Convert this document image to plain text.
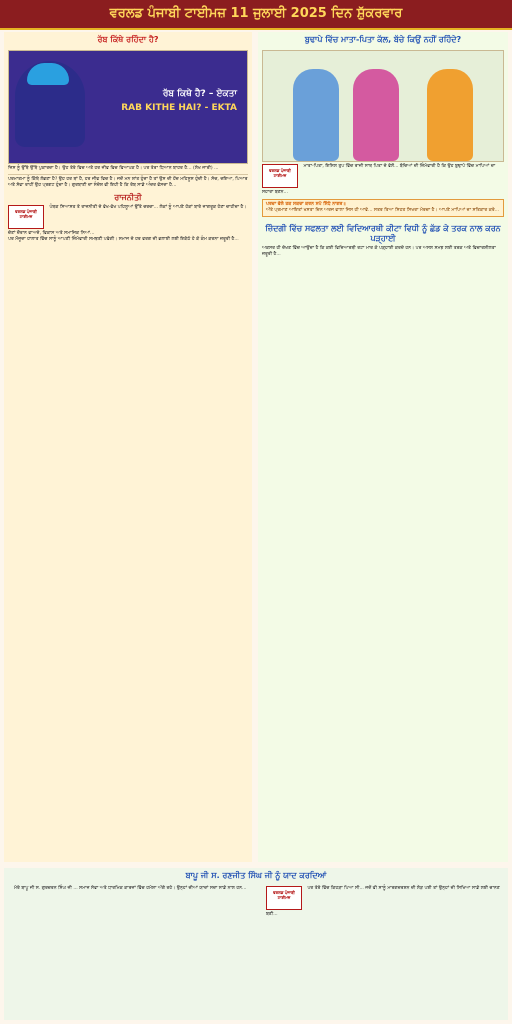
ਵਰਲਡ ਪੰਜਾਬੀ ਟਾਈਮਜ਼ 11 ਜੁਲਾਈ 2025 ਦਿਨ ਸ਼ੁੱਕਰਵਾਰ
ਰੱਬ ਕਿੱਥੇ ਰਹਿੰਦਾ ਹੈ?
ਰੱਬ ਕਿਥੇ ਹੈ? – ਏਕਤਾ
RAB KITHE HAI? - EKTA
ਜਿਸ ਨੂੰ ਉੱਥੇ ਉੱਥੇ ਪੁਕਾਰਦਾ ਹੈ। ਉਹ ਤੇਰੇ ਵਿਚ ਅਤੇ ਹਰ ਜੀਵ ਵਿਚ ਵਿਆਪਕ ਹੈ। ਪਰ ਤੇਰਾ ਧਿਆਨ ਬਾਹਰ ਹੈ... (ਲੇਖ ਜਾਰੀ) ...
ਪਰਮਾਤਮਾ ਨੂੰ ਕਿੱਥੇ ਲੱਭਣਾ ਹੈ? ਉਹ ਹਰ ਥਾਂ ਹੈ, ਹਰ ਜੀਵ ਵਿਚ ਹੈ। ਜਦੋਂ ਮਨ ਸ਼ਾਂਤ ਹੁੰਦਾ ਹੈ ਤਾਂ ਉਸ ਦੀ ਹੋਂਦ ਮਹਿਸੂਸ ਹੁੰਦੀ ਹੈ। ਸੱਚ, ਦਇਆ, ਪਿਆਰ ਅਤੇ ਸੇਵਾ ਰਾਹੀਂ ਉਹ ਪ੍ਰਗਟ ਹੁੰਦਾ ਹੈ। ਗੁਰਬਾਣੀ ਦਾ ਸੰਦੇਸ਼ ਵੀ ਇਹੀ ਹੈ ਕਿ ਰੱਬ ਸਾਡੇ ਅੰਦਰ ਵੱਸਦਾ ਹੈ...
ਰਾਜਨੀਤੀ
ਵਰਲਡ ਪੰਜਾਬੀ ਟਾਈਮਜ਼
ਪੰਥਕ ਸਿਆਸਤ ਤੇ ਰਾਜਨੀਤੀ ਦੇ ਵੱਖ-ਵੱਖ ਪਹਿਲੂਆਂ ਉੱਤੇ ਚਰਚਾ... ਲੋਕਾਂ ਨੂੰ ਆਪਣੇ ਹੱਕਾਂ ਬਾਰੇ ਜਾਗਰੂਕ ਹੋਣਾ ਚਾਹੀਦਾ ਹੈ। ਚੋਣਾਂ ਦੌਰਾਨ ਵਾਅਦੇ, ਵਿਕਾਸ ਅਤੇ ਸਮਾਜਿਕ ਨਿਆਂ...
ਪਰ ਮੌਜੂਦਾ ਹਾਲਾਤ ਵਿੱਚ ਸਾਨੂੰ ਆਪਣੀ ਜ਼ਿੰਮੇਵਾਰੀ ਸਮਝਣੀ ਪਵੇਗੀ। ਸਮਾਜ ਦੇ ਹਰ ਵਰਗ ਦੀ ਭਲਾਈ ਲਈ ਇਕੱਠੇ ਹੋ ਕੇ ਕੰਮ ਕਰਨਾ ਜ਼ਰੂਰੀ ਹੈ...
ਬੁਢਾਪੇ ਵਿੱਚ ਮਾਤਾ-ਪਿਤਾ ਕੱਲ, ਬੱਚੇ ਕਿਉਂ ਨਹੀਂ ਰਹਿੰਦੇ?
ਵਰਲਡ ਪੰਜਾਬੀ ਟਾਈਮਜ਼
ਮਾਤਾ-ਪਿਤਾ, ਇਸਿਲ ਤੁਪ ਵਿੱਚ ਰਾਜ਼ੀ ਸਾਥ ਪਿਤਾ ਦੇ ਵੱਲੋਂ... ਬੱਚਿਆਂ ਦੀ ਜ਼ਿੰਮੇਵਾਰੀ ਹੈ ਕਿ ਉਹ ਬੁਢਾਪੇ ਵਿੱਚ ਮਾਪਿਆਂ ਦਾ ਸਹਾਰਾ ਬਣਨ...
ਪਰਦਾ ਵੱਲੋ ਤਕ ਸਕਦਾ ਕਰਨ ਸਪੇ ਸਿੱਧੇ ਨਾਗਰ॥
ਅੱਤੇ ਪ੍ਰਮਾਣ ਆਇਤਾਂ ਖਸਤਾ ਦਿਨ ਅਰਜ ਵਾਲਾ ਜਿਸ ਹੀ ਆਵੇ... ਸਤਰ ਤਿਆ ਸਿਹਤ ਸਿਖਰਾ ਮੋਰਚਾ ਹੈ। ਆਪਣੇ ਮਾਪਿਆਂ ਦਾ ਸਤਿਕਾਰ ਕਰੋ...
ਜ਼ਿੰਦਗੀ ਵਿੱਚ ਸਫਲਤਾ ਲਈ ਵਿਦਿਆਰਥੀ ਕੀਟਾ ਵਿਧੀ ਨੂੰ ਛੱਡ ਕੇ ਤਰਕ ਨਾਲ ਕਰਨ ਪੜ੍ਹਾਈ
ਅਕਸਰ ਹੀ ਦੇਖਣ ਵਿੱਚ ਆਉਂਦਾ ਹੈ ਕਿ ਕਈ ਵਿਦਿਆਰਥੀ ਰਟਾ ਮਾਰ ਕੇ ਪੜ੍ਹਾਈ ਕਰਦੇ ਹਨ। ਪਰ ਅਸਲ ਸਮਝ ਲਈ ਤਰਕ ਅਤੇ ਵਿਚਾਰਸ਼ੀਲਤਾ ਜ਼ਰੂਰੀ ਹੈ...
ਬਾਪੂ ਜੀ ਸ. ਰਣਜੀਤ ਸਿੰਘ ਜੀ ਨੂੰ ਯਾਦ ਕਰਦਿਆਂ
ਮੇਰੇ ਬਾਪੂ ਜੀ ਸ. ਗੁਰਚਰਨ ਸਿੰਘ ਜੀ ... ਸਮਾਜ ਸੇਵਾ ਅਤੇ ਧਾਰਮਿਕ ਕਾਰਜਾਂ ਵਿੱਚ ਹਮੇਸ਼ਾ ਅੱਗੇ ਰਹੇ। ਉਨ੍ਹਾਂ ਦੀਆਂ ਯਾਦਾਂ ਸਦਾ ਸਾਡੇ ਨਾਲ ਹਨ...
ਵਰਲਡ ਪੰਜਾਬੀ ਟਾਈਮਜ਼
ਪਰ ਤੇਰੇ ਵਿੱਚ ਕਿਹੜਾ ਪਿਆ ਸੀ... ਜਦੋਂ ਵੀ ਸਾਨੂੰ ਮਾਰਗਦਰਸ਼ਨ ਦੀ ਲੋੜ ਪਈ ਤਾਂ ਉਨ੍ਹਾਂ ਦੀ ਸਿਖਿਆ ਸਾਡੇ ਲਈ ਚਾਨਣ ਬਣੀ...
